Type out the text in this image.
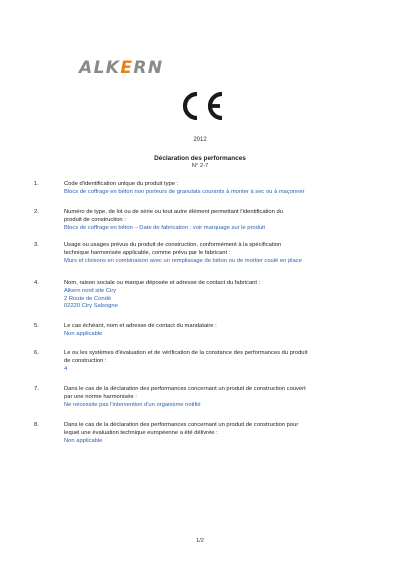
ALKERN
2012
Déclaration des performances
N° 2-7
1.	Code d'identification unique du produit type :
Blocs de coffrage en béton non porteurs de granulats courants à monter à sec ou à maçonner
2.	Numéro de type, de lot ou de série ou tout autre élément permettant l'identification du
produit de construction :
Blocs de coffrage en béton – Date de fabrication : voir marquage sur le produit
3.	Usage ou usages prévus du produit de construction, conformément à la spécification
technique harmonisée applicable, comme prévu par le fabricant :
Murs et cloisons en combinaison avec un remplissage de béton ou de mortier coulé en place
4.	Nom, raison sociale ou marque déposée et adresse de contact du fabricant :
Alkern nord site Ciry
2 Route de Condé
02220 Ciry Salsogne
5.	Le cas échéant, nom et adresse de contact du mandataire :
Non applicable
6.	Le ou les systèmes d'évaluation et de vérification de la constance des performances du produit
de construction :
4
7.	Dans le cas de la déclaration des performances concernant un produit de construction couvert
par une norme harmonisée :
Ne nécessite pas l'intervention d'un organisme notifié
8.	Dans le cas de la déclaration des performances concernant un produit de construction pour
lequel une évaluation technique européenne a été délivrée :
Non applicable
1/2
